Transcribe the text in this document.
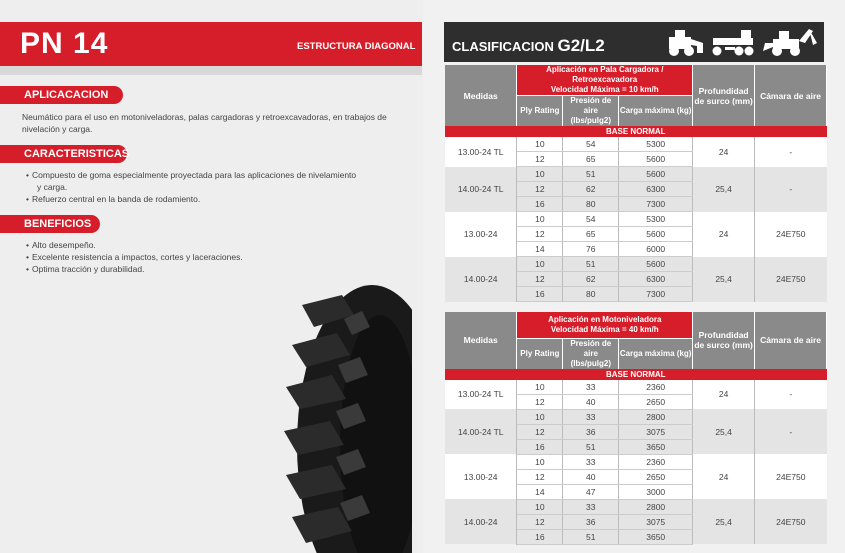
PN 14	ESTRUCTURA DIAGONAL
APLICACACION
Neumático para el uso en motoniveladoras, palas cargadoras y retroexcavadoras, en trabajos de
nivelación y carga.
CARACTERISTICAS
• Compuesto de goma especialmente proyectada para las aplicaciones de nivelamiento
y carga.
• Refuerzo central en la banda de rodamiento.
BENEFICIOS
• Alto desempeño.
• Excelente resistencia a impactos, cortes y laceraciones.
• Optima tracción y durabilidad.
CLASIFICACION G2/L2
Medidas	Aplicación en Pala Cargadora / Retroexcavadora
Velocidad Máxima = 10 km/h			Profundidad de surco (mm)	Cámara de aire
	Ply Rating	Presión de aire (lbs/pulg2)	Carga máxima (kg)		
BASE NORMAL					
13.00-24 TL	10	54	5300	24	-
	12	65	5600		
14.00-24 TL	10	51	5600	25,4	-
	12	62	6300		
	16	80	7300		
13.00-24	10	54	5300	24	24E750
	12	65	5600		
	14	76	6000		
14.00-24	10	51	5600	25,4	24E750
	12	62	6300		
	16	80	7300		
Medidas	Aplicación en Motoniveladora
Velocidad Máxima = 40 km/h			Profundidad de surco (mm)	Cámara de aire
	Ply Rating	Presión de aire (lbs/pulg2)	Carga máxima (kg)		
BASE NORMAL					
13.00-24 TL	10	33	2360	24	-
	12	40	2650		
14.00-24 TL	10	33	2800	25,4	-
	12	36	3075		
	16	51	3650		
13.00-24	10	33	2360	24	24E750
	12	40	2650		
	14	47	3000		
14.00-24	10	33	2800	25,4	24E750
	12	36	3075		
	16	51	3650		
